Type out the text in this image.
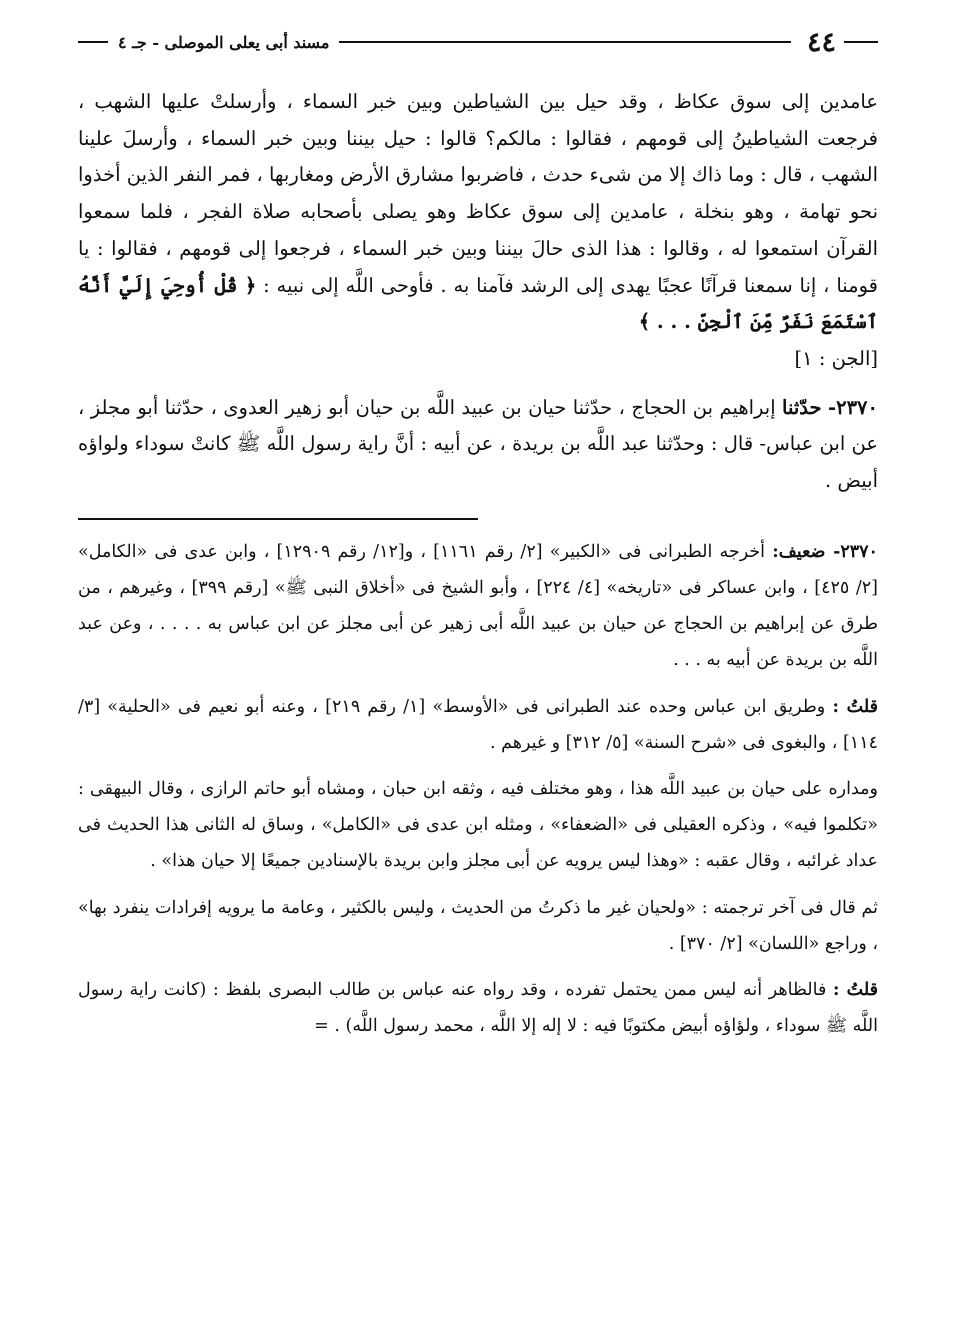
٤٤
مسند أبى يعلى الموصلى - جـ ٤

عامدين إلى سوق عكاظ ، وقد حيل بين الشياطين وبين خبر السماء ، وأرسلتْ عليها الشهب ، فرجعت الشياطينُ إلى قومهم ، فقالوا : مالكم؟ قالوا : حيل بيننا وبين خبر السماء ، وأرسلَ علينا الشهب ، قال : وما ذاك إلا من شىء حدث ، فاضربوا مشارق الأرض ومغاربها ، فمر النفر الذين أخذوا نحو تهامة ، وهو بنخلة ، عامدين إلى سوق عكاظ وهو يصلى بأصحابه صلاة الفجر ، فلما سمعوا القرآن استمعوا له ، وقالوا : هذا الذى حالَ بيننا وبين خبر السماء ، فرجعوا إلى قومهم ، فقالوا : يا قومنا ، إنا سمعنا قرآنًا عجبًا يهدى إلى الرشد فآمنا به . فأوحى اللَّه إلى نبيه : ﴿ قُلْ أُوحِيَ إِلَيَّ أَنَّهُ ٱسْتَمَعَ نَفَرٌ مِّنَ ٱلْجِنِّ . . . ﴾
[الجن : ١]

٢٣٧٠- حدّثنا إبراهيم بن الحجاج ، حدّثنا حيان بن عبيد اللَّه بن حيان أبو زهير العدوى ، حدّثنا أبو مجلز ، عن ابن عباس- قال : وحدّثنا عبد اللَّه بن بريدة ، عن أبيه : أنَّ راية رسول اللَّه ﷺ كانتْ سوداء ولواؤه أبيض .

٢٣٧٠- ضعيف: أخرجه الطبرانى فى «الكبير» [٢/ رقم ١١٦١] ، و[١٢/ رقم ١٢٩٠٩] ، وابن عدى فى «الكامل» [٢/ ٤٢٥] ، وابن عساكر فى «تاريخه» [٤/ ٢٢٤] ، وأبو الشيخ فى «أخلاق النبى ﷺ» [رقم ٣٩٩] ، وغيرهم ، من طرق عن إبراهيم بن الحجاج عن حيان بن عبيد اللَّه أبى زهير عن أبى مجلز عن ابن عباس به . . . . ، وعن عبد اللَّه بن بريدة عن أبيه به . . .

قلتُ : وطريق ابن عباس وحده عند الطبرانى فى «الأوسط» [١/ رقم ٢١٩] ، وعنه أبو نعيم فى «الحلية» [٣/ ١١٤] ، والبغوى فى «شرح السنة» [٥/ ٣١٢] و غيرهم .

ومداره على حيان بن عبيد اللَّه هذا ، وهو مختلف فيه ، وثقه ابن حبان ، ومشاه أبو حاتم الرازى ، وقال البيهقى : «تكلموا فيه» ، وذكره العقيلى فى «الضعفاء» ، ومثله ابن عدى فى «الكامل» ، وساق له الثانى هذا الحديث فى عداد غرائبه ، وقال عقبه : «وهذا ليس يرويه عن أبى مجلز وابن بريدة بالإسنادين جميعًا إلا حيان هذا» .

ثم قال فى آخر ترجمته : «ولحيان غير ما ذكرتُ من الحديث ، وليس بالكثير ، وعامة ما يرويه إفرادات ينفرد بها» ، وراجع «اللسان» [٢/ ٣٧٠] .

قلتُ : فالظاهر أنه ليس ممن يحتمل تفرده ، وقد رواه عنه عباس بن طالب البصرى بلفظ : (كانت راية رسول اللَّه ﷺ سوداء ، ولؤاؤه أبيض مكتوبًا فيه : لا إله إلا اللَّه ، محمد رسول اللَّه) . =
